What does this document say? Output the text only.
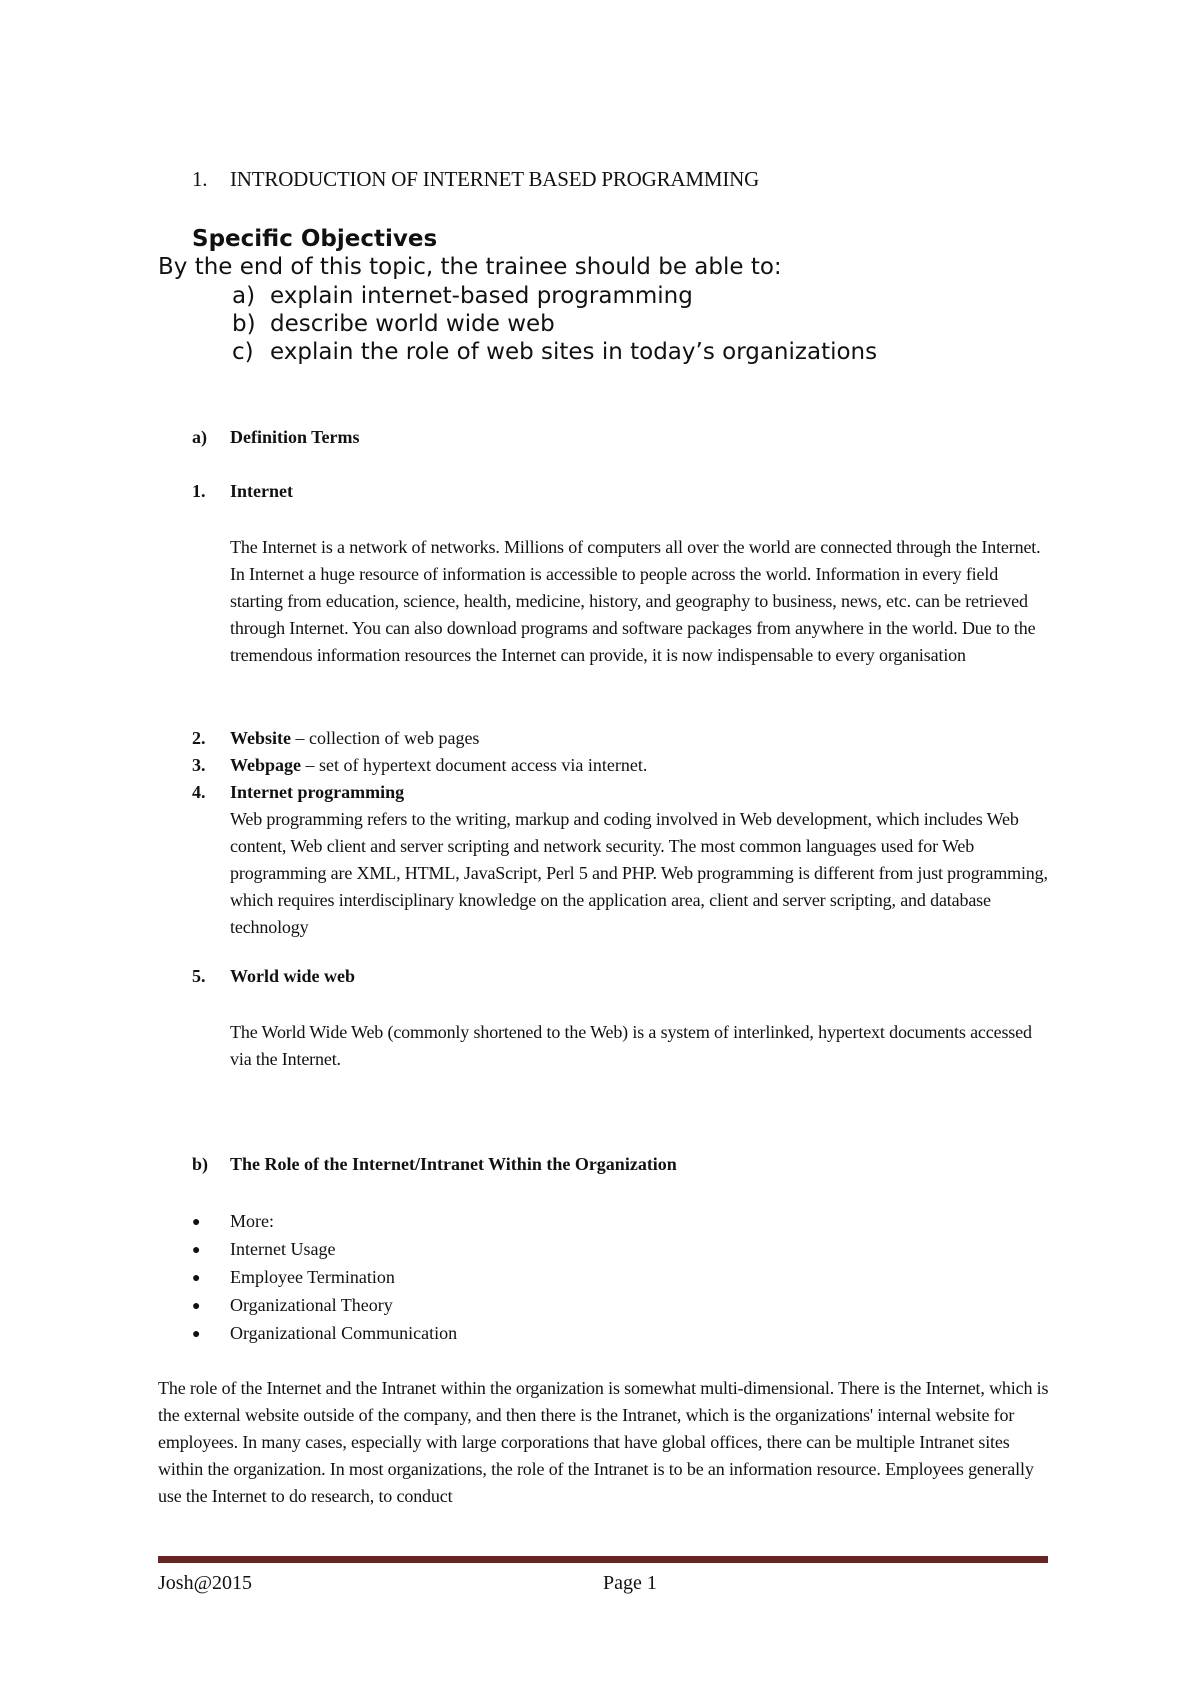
1. INTRODUCTION OF INTERNET BASED PROGRAMMING
Specific Objectives
By the end of this topic, the trainee should be able to:
a) explain internet-based programming
b) describe world wide web
c) explain the role of web sites in today’s organizations
a) Definition Terms
1. Internet
The Internet is a network of networks. Millions of computers all over the world are connected through the Internet. In Internet a huge resource of information is accessible to people across the world. Information in every field starting from education, science, health, medicine, history, and geography to business, news, etc. can be retrieved through Internet. You can also download programs and software packages from anywhere in the world. Due to the tremendous information resources the Internet can provide, it is now indispensable to every organisation
2. Website – collection of web pages
3. Webpage – set of hypertext document access via internet.
4. Internet programming
Web programming refers to the writing, markup and coding involved in Web development, which includes Web content, Web client and server scripting and network security. The most common languages used for Web programming are XML, HTML, JavaScript, Perl 5 and PHP. Web programming is different from just programming, which requires interdisciplinary knowledge on the application area, client and server scripting, and database technology
5. World wide web
The World Wide Web (commonly shortened to the Web) is a system of interlinked, hypertext documents accessed via the Internet.
b) The Role of the Internet/Intranet Within the Organization
● More:
● Internet Usage
● Employee Termination
● Organizational Theory
● Organizational Communication
The role of the Internet and the Intranet within the organization is somewhat multi-dimensional. There is the Internet, which is the external website outside of the company, and then there is the Intranet, which is the organizations' internal website for employees. In many cases, especially with large corporations that have global offices, there can be multiple Intranet sites within the organization. In most organizations, the role of the Intranet is to be an information resource. Employees generally use the Internet to do research, to conduct
Josh@2015	Page 1
